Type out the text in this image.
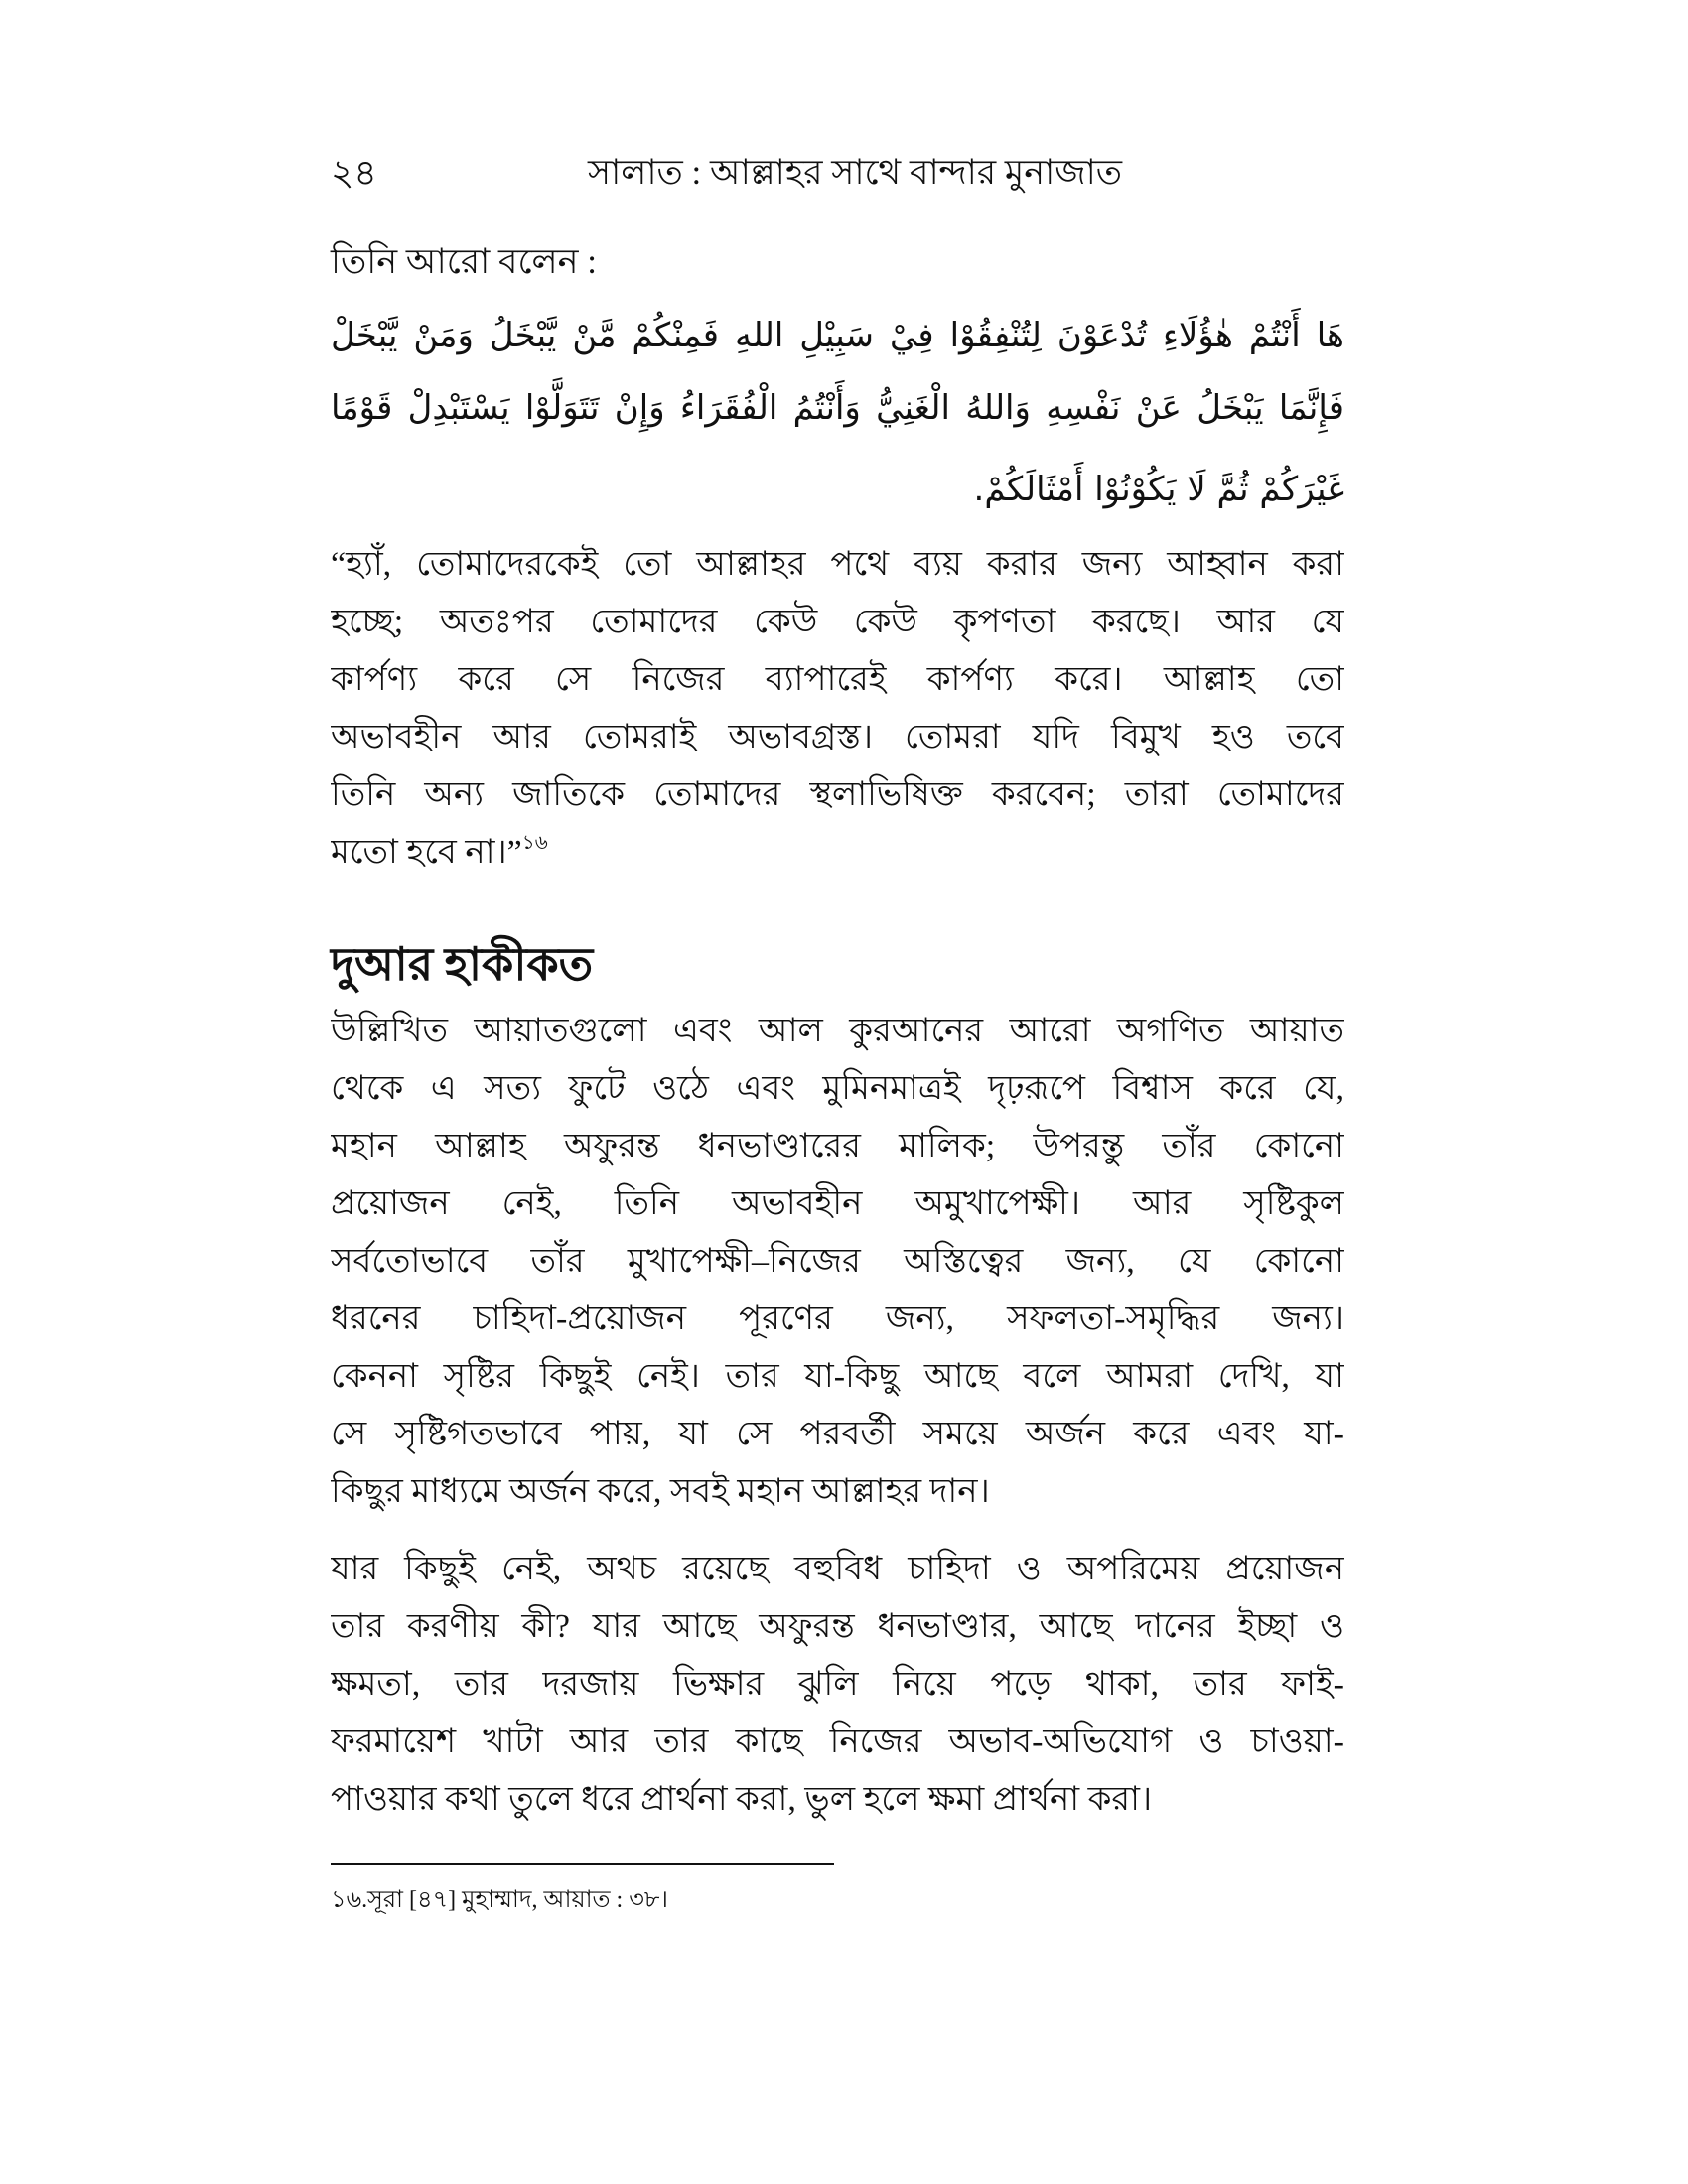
২৪	সালাত : আল্লাহর সাথে বান্দার মুনাজাত
তিনি আরো বলেন :
هَا أَنْتُمْ هٰؤُلَاءِ تُدْعَوْنَ لِتُنْفِقُوْا فِيْ سَبِيْلِ اللهِ فَمِنْكُمْ مَّنْ يَّبْخَلُ وَمَنْ يَّبْخَلْ
فَإِنَّمَا يَبْخَلُ عَنْ نَفْسِهِ وَاللهُ الْغَنِيُّ وَأَنْتُمُ الْفُقَرَاءُ وَإِنْ تَتَوَلَّوْا يَسْتَبْدِلْ قَوْمًا
غَيْرَكُمْ ثُمَّ لَا يَكُوْنُوْا أَمْثَالَكُمْ.
“হ্যাঁ, তোমাদেরকেই তো আল্লাহর পথে ব্যয় করার জন্য আহ্বান করা
হচ্ছে; অতঃপর তোমাদের কেউ কেউ কৃপণতা করছে। আর যে
কার্পণ্য করে সে নিজের ব্যাপারেই কার্পণ্য করে। আল্লাহ তো
অভাবহীন আর তোমরাই অভাবগ্রস্ত। তোমরা যদি বিমুখ হও তবে
তিনি অন্য জাতিকে তোমাদের স্থলাভিষিক্ত করবেন; তারা তোমাদের
মতো হবে না।”$^{১৬}$
দুআর হাকীকত
উল্লিখিত আয়াতগুলো এবং আল কুরআনের আরো অগণিত আয়াত
থেকে এ সত্য ফুটে ওঠে এবং মুমিনমাত্রই দৃঢ়রূপে বিশ্বাস করে যে,
মহান আল্লাহ অফুরন্ত ধনভাণ্ডারের মালিক; উপরন্তু তাঁর কোনো
প্রয়োজন নেই, তিনি অভাবহীন অমুখাপেক্ষী। আর সৃষ্টিকুল
সর্বতোভাবে তাঁর মুখাপেক্ষী–নিজের অস্তিত্বের জন্য, যে কোনো
ধরনের চাহিদা-প্রয়োজন পূরণের জন্য, সফলতা-সমৃদ্ধির জন্য।
কেননা সৃষ্টির কিছুই নেই। তার যা-কিছু আছে বলে আমরা দেখি, যা
সে সৃষ্টিগতভাবে পায়, যা সে পরবর্তী সময়ে অর্জন করে এবং যা-
কিছুর মাধ্যমে অর্জন করে, সবই মহান আল্লাহর দান।
যার কিছুই নেই, অথচ রয়েছে বহুবিধ চাহিদা ও অপরিমেয় প্রয়োজন
তার করণীয় কী? যার আছে অফুরন্ত ধনভাণ্ডার, আছে দানের ইচ্ছা ও
ক্ষমতা, তার দরজায় ভিক্ষার ঝুলি নিয়ে পড়ে থাকা, তার ফাই-
ফরমায়েশ খাটা আর তার কাছে নিজের অভাব-অভিযোগ ও চাওয়া-
পাওয়ার কথা তুলে ধরে প্রার্থনা করা, ভুল হলে ক্ষমা প্রার্থনা করা।
১৬. সূরা [৪৭] মুহাম্মাদ, আয়াত : ৩৮।
